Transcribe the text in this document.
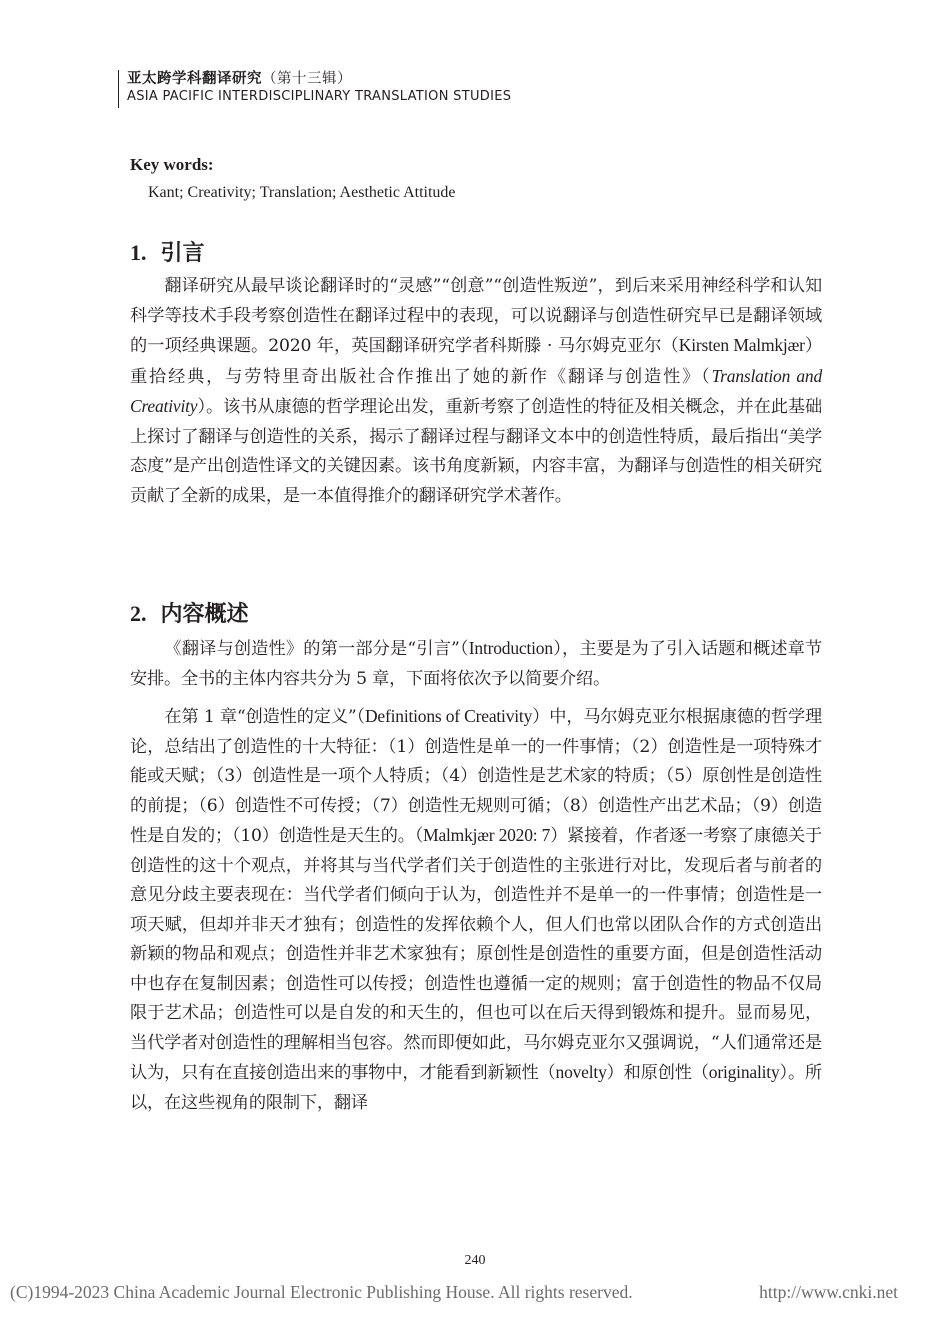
亚太跨学科翻译研究（第十三辑）
ASIA PACIFIC INTERDISCIPLINARY TRANSLATION STUDIES
Key words:
Kant; Creativity; Translation; Aesthetic Attitude
1. 引言
翻译研究从最早谈论翻译时的“灵感”“创意”“创造性叛逆”，到后来采用神经科学和认知科学等技术手段考察创造性在翻译过程中的表现，可以说翻译与创造性研究早已是翻译领域的一项经典课题。2020 年，英国翻译研究学者科斯滕 · 马尔姆克亚尔（Kirsten Malmkjær）重拾经典，与劳特里奇出版社合作推出了她的新作《翻译与创造性》（Translation and Creativity）。该书从康德的哲学理论出发，重新考察了创造性的特征及相关概念，并在此基础上探讨了翻译与创造性的关系，揭示了翻译过程与翻译文本中的创造性特质，最后指出“美学态度”是产出创造性译文的关键因素。该书角度新颖，内容丰富，为翻译与创造性的相关研究贡献了全新的成果，是一本值得推介的翻译研究学术著作。
2. 内容概述
《翻译与创造性》的第一部分是“引言”（Introduction），主要是为了引入话题和概述章节安排。全书的主体内容共分为 5 章，下面将依次予以简要介绍。
在第 1 章“创造性的定义”（Definitions of Creativity）中，马尔姆克亚尔根据康德的哲学理论，总结出了创造性的十大特征：（1）创造性是单一的一件事情；（2）创造性是一项特殊才能或天赋；（3）创造性是一项个人特质；（4）创造性是艺术家的特质；（5）原创性是创造性的前提；（6）创造性不可传授；（7）创造性无规则可循；（8）创造性产出艺术品；（9）创造性是自发的；（10）创造性是天生的。（Malmkjær 2020: 7）紧接着，作者逐一考察了康德关于创造性的这十个观点，并将其与当代学者们关于创造性的主张进行对比，发现后者与前者的意见分歧主要表现在：当代学者们倾向于认为，创造性并不是单一的一件事情；创造性是一项天赋，但却并非天才独有；创造性的发挥依赖个人，但人们也常以团队合作的方式创造出新颖的物品和观点；创造性并非艺术家独有；原创性是创造性的重要方面，但是创造性活动中也存在复制因素；创造性可以传授；创造性也遵循一定的规则；富于创造性的物品不仅局限于艺术品；创造性可以是自发的和天生的，但也可以在后天得到锻炼和提升。显而易见，当代学者对创造性的理解相当包容。然而即便如此，马尔姆克亚尔又强调说，“人们通常还是认为，只有在直接创造出来的事物中，才能看到新颖性（novelty）和原创性（originality）。所以，在这些视角的限制下，翻译
240
(C)1994-2023 China Academic Journal Electronic Publishing House. All rights reserved.	http://www.cnki.net
